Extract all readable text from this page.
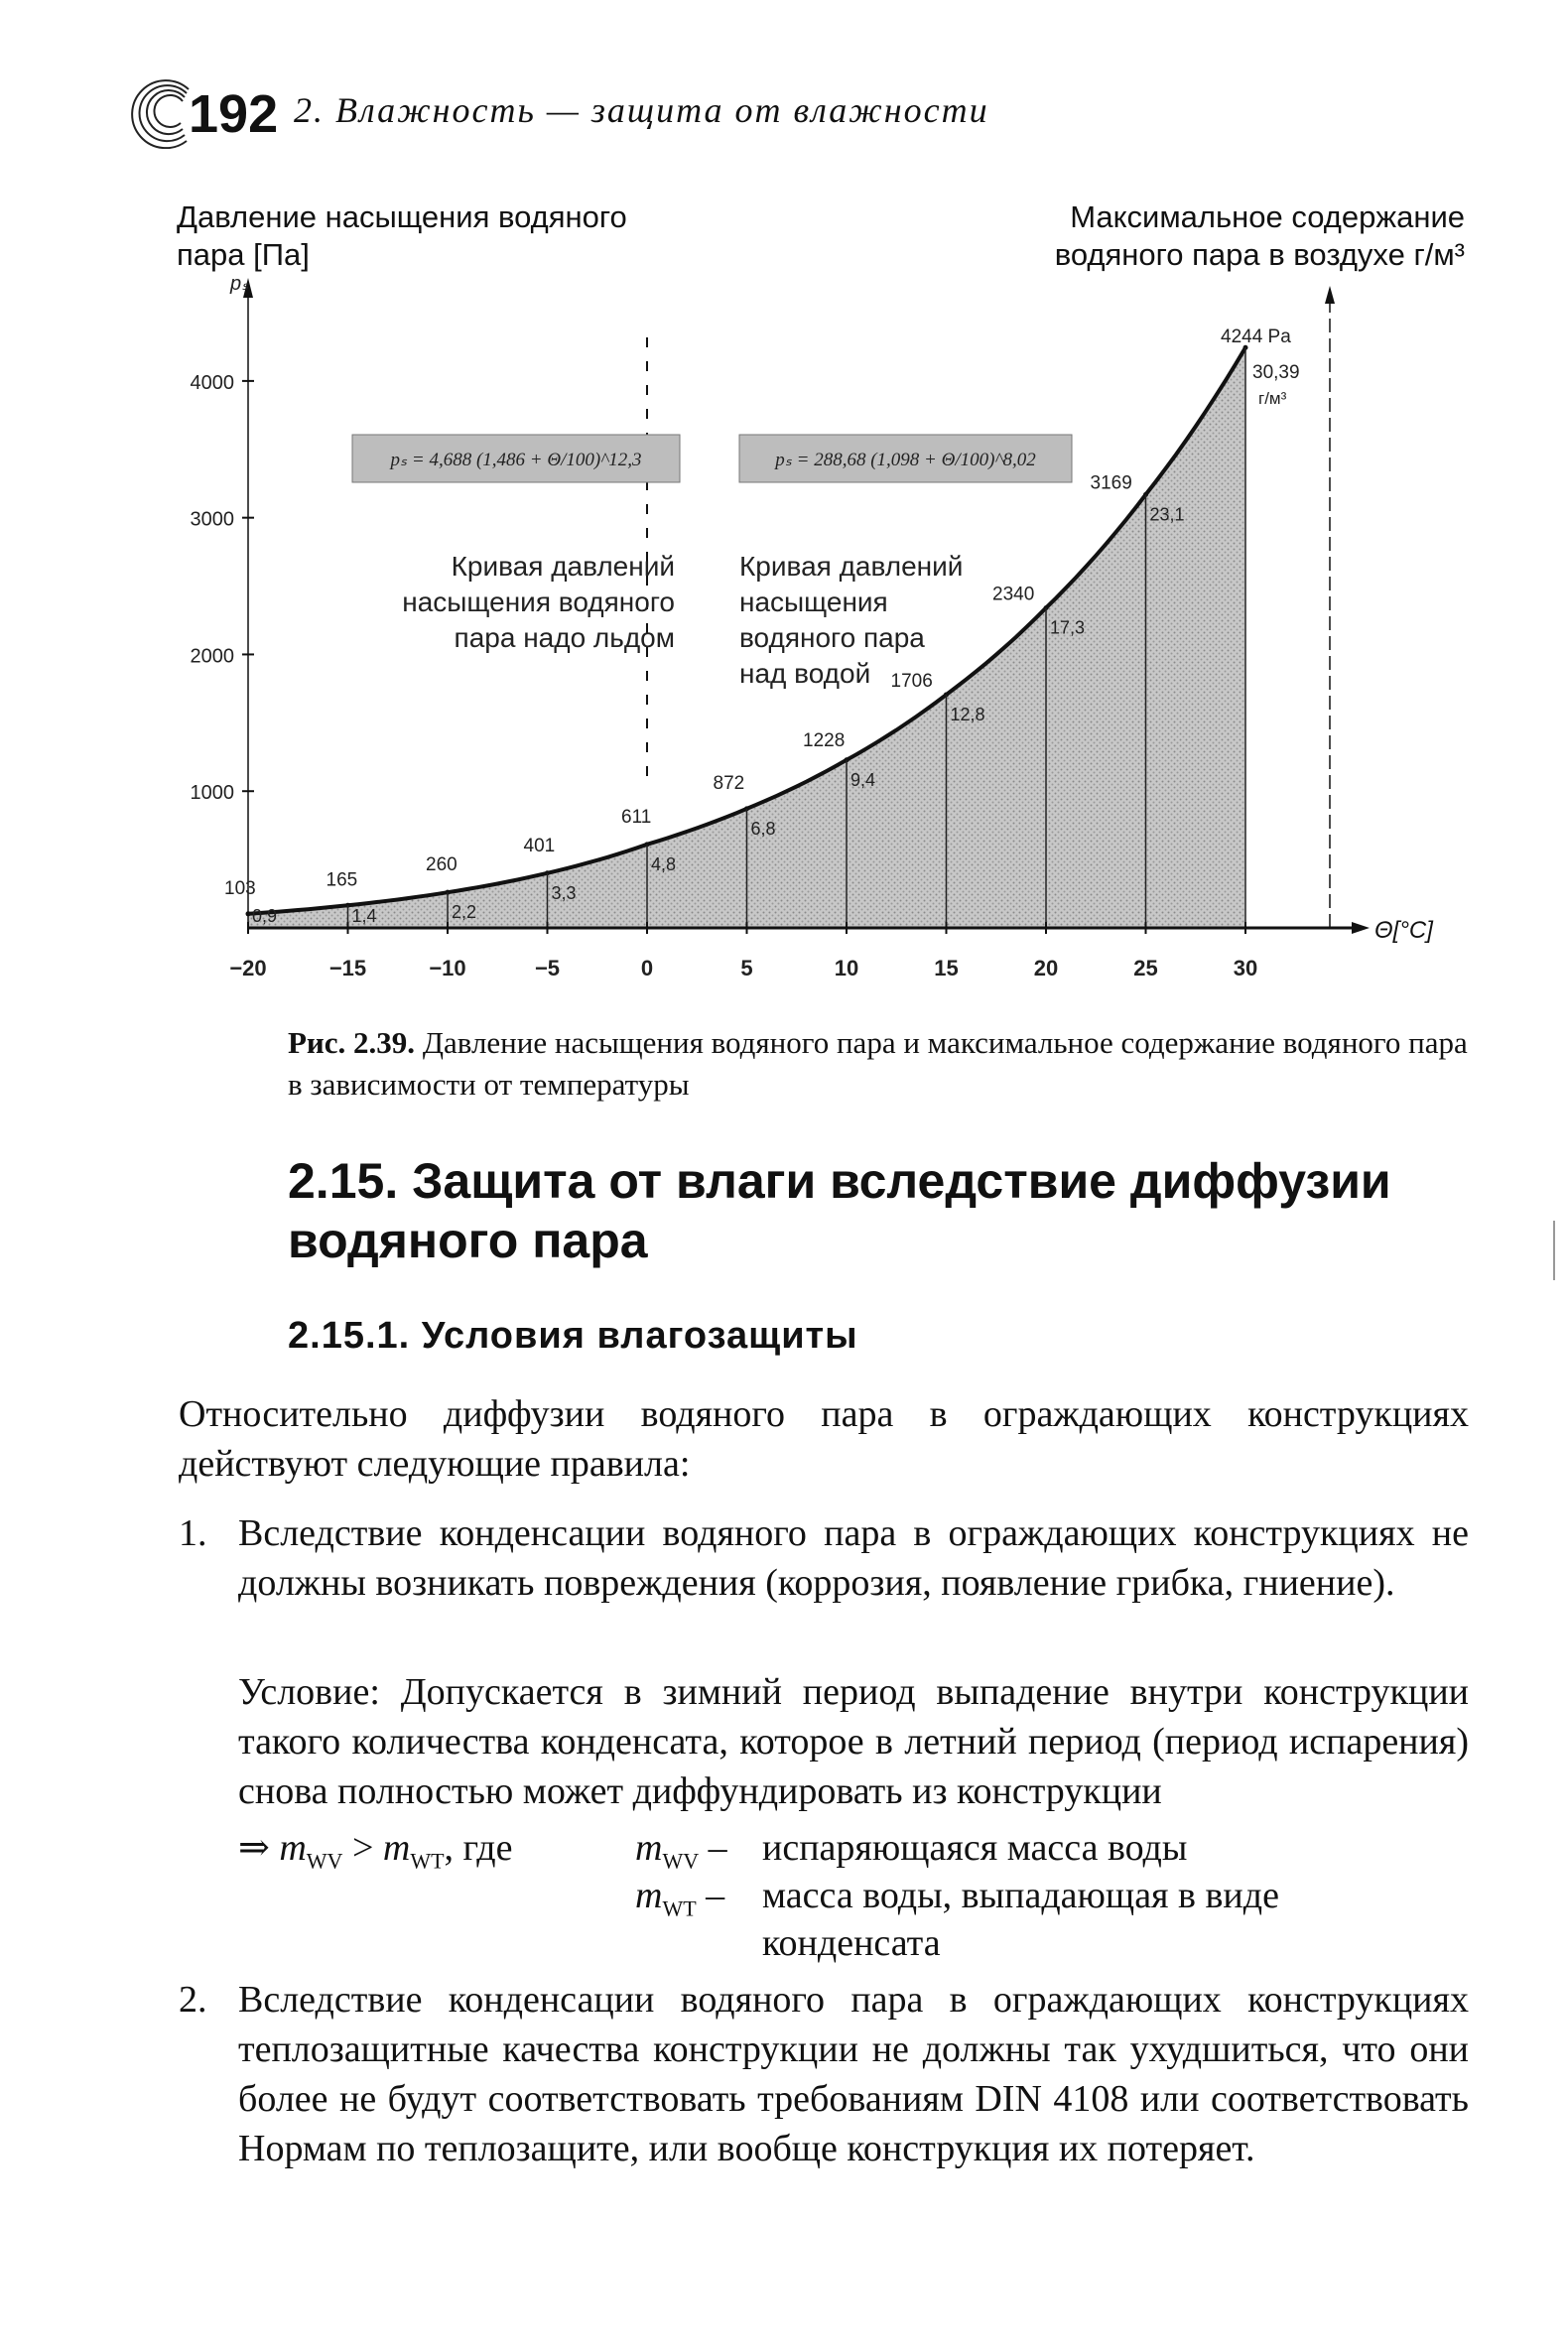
192 2. Влажность — защита от влажности
Давление насыщения водяного
пара [Па]
Максимальное содержание
водяного пара в воздухе г/м³
1000
2000
3000
4000
−20	−15	−10	−5	0	5	10	15	20	25	30
pₛ
Θ[°C]
103	165
260
401
611
872
1228
1706
2340
3169
4244 Pa
0,9	1,4	2,2
3,3
4,8
6,8
9,4
12,8
17,3
23,1
30,39
г/м³
Кривая давлений
насыщения водяного
пара надо льдом
Кривая давлений
насыщения
водяного пара
над водой
pₛ = 4,688 (1,486 + Θ/100)^12,3	pₛ = 288,68 (1,098 + Θ/100)^8,02
Рис. 2.39. Давление насыщения водяного пара и максимальное содержание водяного пара в зависимости от температуры
2.15. Защита от влаги вследствие диффузии водяного пара
2.15.1. Условия влагозащиты
Относительно диффузии водяного пара в ограждающих конструкциях действуют следующие правила:
1. Вследствие конденсации водяного пара в ограждающих конструкциях не должны возникать повреждения (коррозия, появление грибка, гниение).
Условие: Допускается в зимний период выпадение внутри конструкции такого количества конденсата, которое в летний период (период испарения) снова полностью может диффундировать из конструкции
⇒ $m_{WV} > m_{WT}$, где	$m_{WV}$ – испаряющаяся масса воды
$m_{WT}$ – масса воды, выпадающая в виде
конденсата
2. Вследствие конденсации водяного пара в ограждающих конструкциях теплозащитные качества конструкции не должны так ухудшиться, что они более не будут соответствовать требованиям DIN 4108 или соответствовать Нормам по теплозащите, или вообще конструкция их потеряет.
